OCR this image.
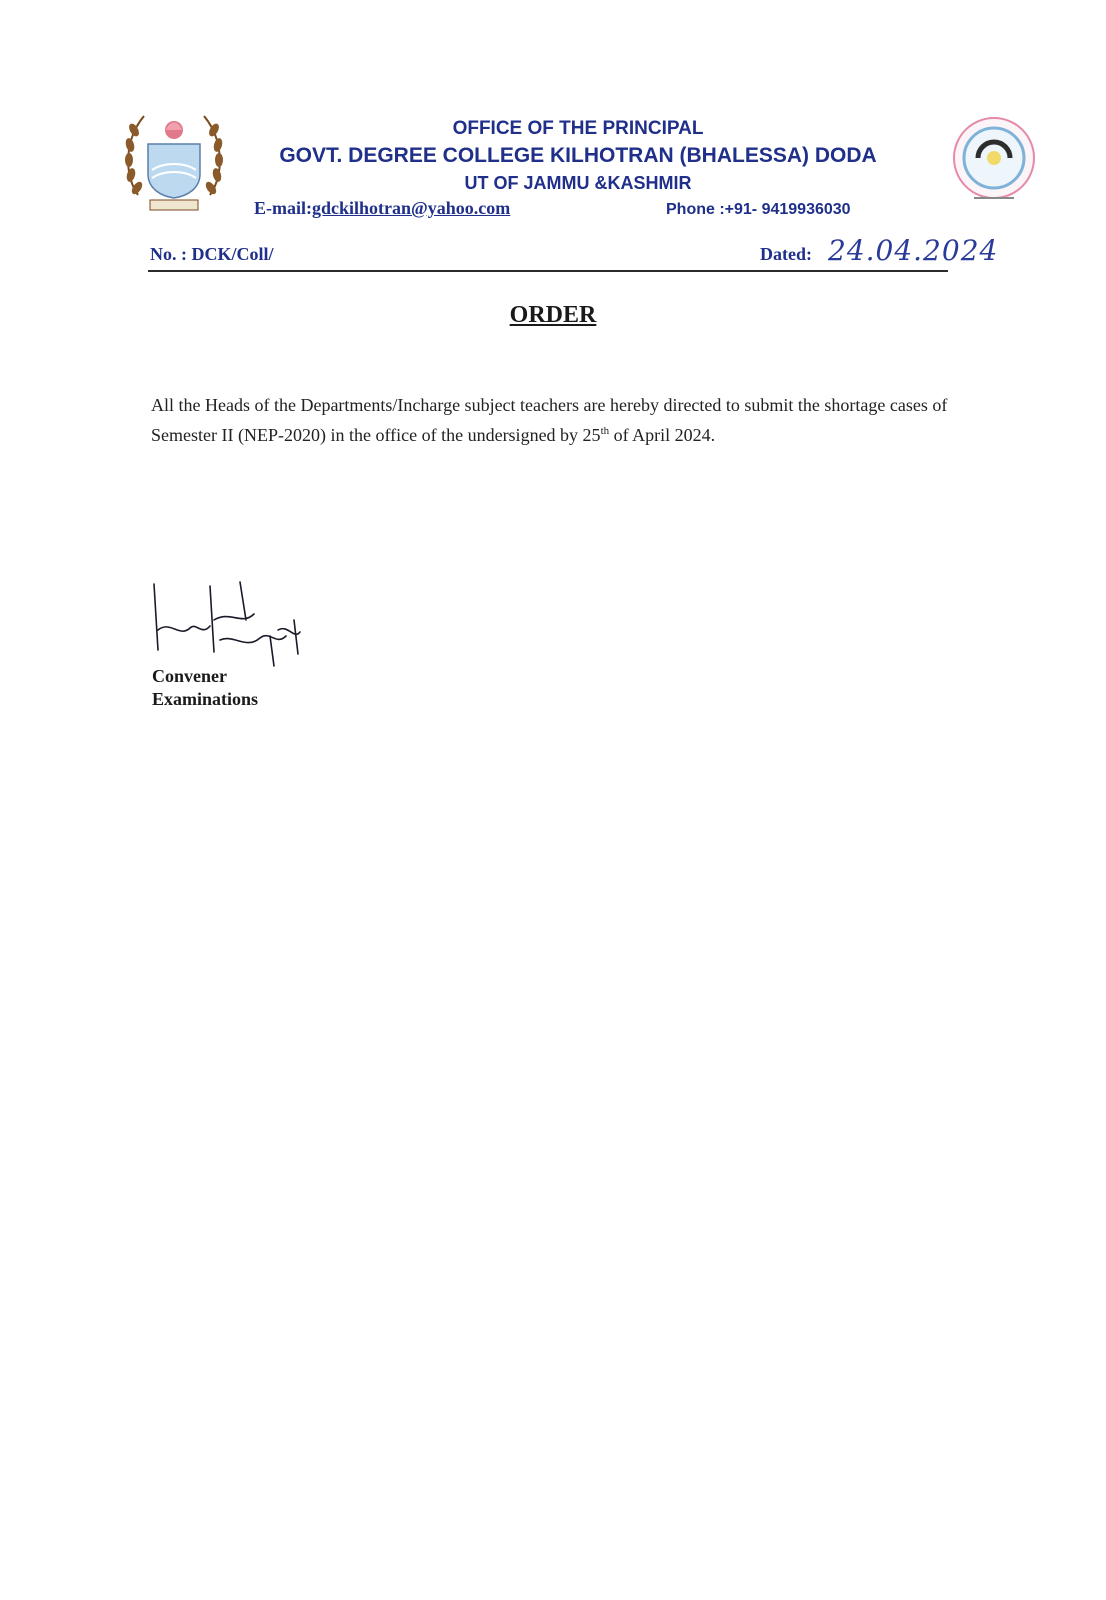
OFFICE OF THE PRINCIPAL
GOVT. DEGREE COLLEGE KILHOTRAN (BHALESSA) DODA
UT OF JAMMU &KASHMIR
E-mail:gdckilhotran@yahoo.com	Phone :+91- 9419936030
No. : DCK/Coll/	Dated: 24.04.2024
ORDER
All the Heads of the Departments/Incharge subject teachers are hereby directed to submit the shortage cases of Semester II (NEP-2020) in the office of the undersigned by 25th of April 2024.
Convener
Examinations
